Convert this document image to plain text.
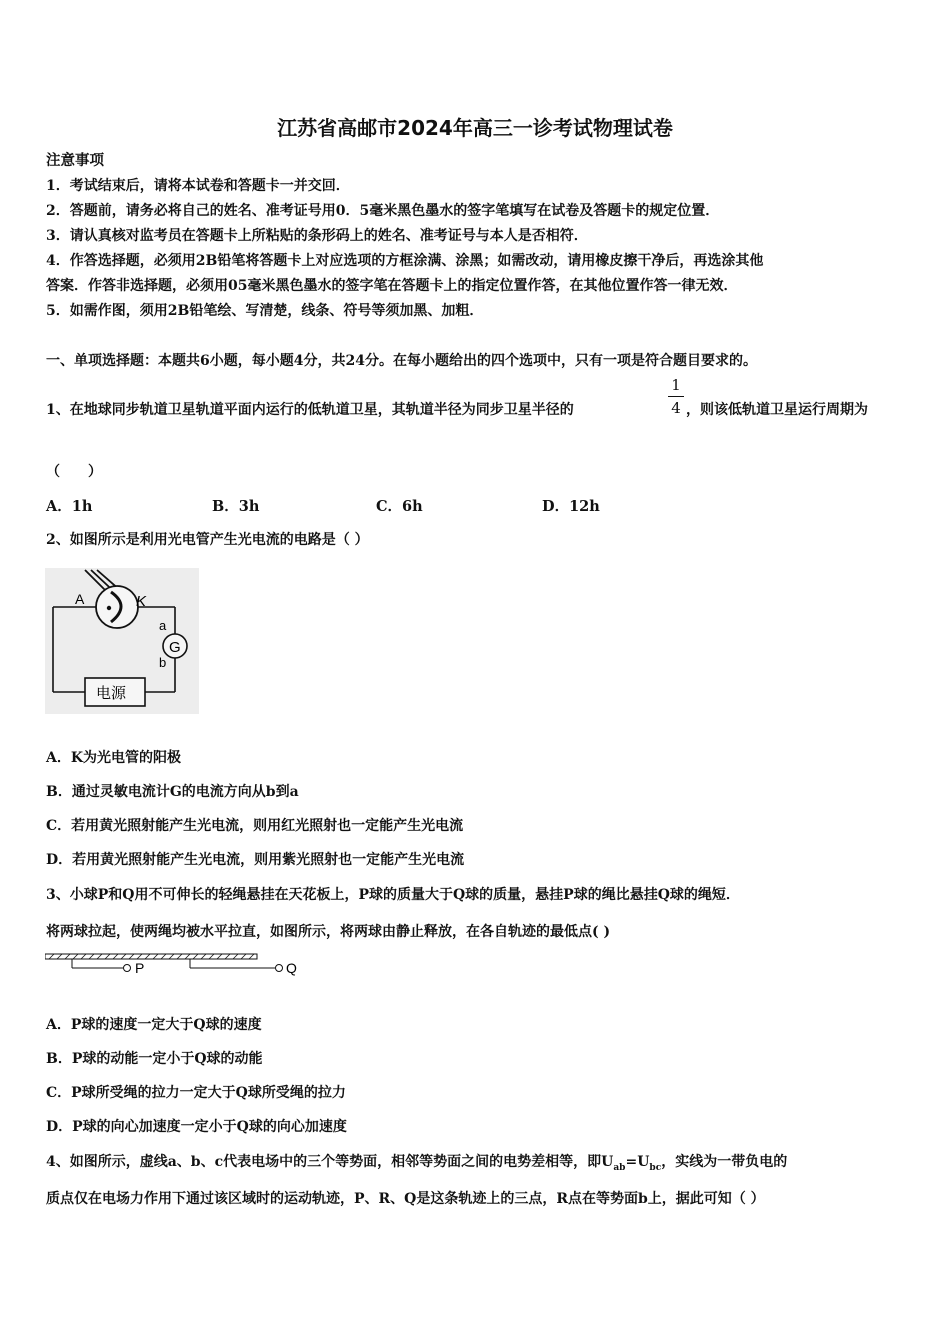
江苏省高邮市2024年高三一诊考试物理试卷
注意事项
1．考试结束后，请将本试卷和答题卡一并交回．
2．答题前，请务必将自己的姓名、准考证号用0．5毫米黑色墨水的签字笔填写在试卷及答题卡的规定位置．
3．请认真核对监考员在答题卡上所粘贴的条形码上的姓名、准考证号与本人是否相符．
4．作答选择题，必须用2B铅笔将答题卡上对应选项的方框涂满、涂黑；如需改动，请用橡皮擦干净后，再选涂其他
答案．作答非选择题，必须用05毫米黑色墨水的签字笔在答题卡上的指定位置作答，在其他位置作答一律无效．
5．如需作图，须用2B铅笔绘、写清楚，线条、符号等须加黑、加粗．
一、单项选择题：本题共6小题，每小题4分，共24分。在每小题给出的四个选项中，只有一项是符合题目要求的。
1、在地球同步轨道卫星轨道平面内运行的低轨道卫星，其轨道半径为同步卫星半径的
1
4 ，则该低轨道卫星运行周期为
（　　）
A．1h	B．3h	C．6h	D．12h
2、如图所示是利用光电管产生光电流的电路是（ ）
G
电源
A	K
a
b
A．K为光电管的阳极
B．通过灵敏电流计G的电流方向从b到a
C．若用黄光照射能产生光电流，则用红光照射也一定能产生光电流
D．若用黄光照射能产生光电流，则用紫光照射也一定能产生光电流
3、小球P和Q用不可伸长的轻绳悬挂在天花板上，P球的质量大于Q球的质量，悬挂P球的绳比悬挂Q球的绳短．
将两球拉起，使两绳均被水平拉直，如图所示，将两球由静止释放，在各自轨迹的最低点( )
P	Q
A．P球的速度一定大于Q球的速度
B．P球的动能一定小于Q球的动能
C．P球所受绳的拉力一定大于Q球所受绳的拉力
D．P球的向心加速度一定小于Q球的向心加速度
4、如图所示，虚线a、b、c代表电场中的三个等势面，相邻等势面之间的电势差相等，即$U_{ab}=U_{bc}$，实线为一带负电的
质点仅在电场力作用下通过该区域时的运动轨迹，P、R、Q是这条轨迹上的三点，R点在等势面b上，据此可知（ ）
